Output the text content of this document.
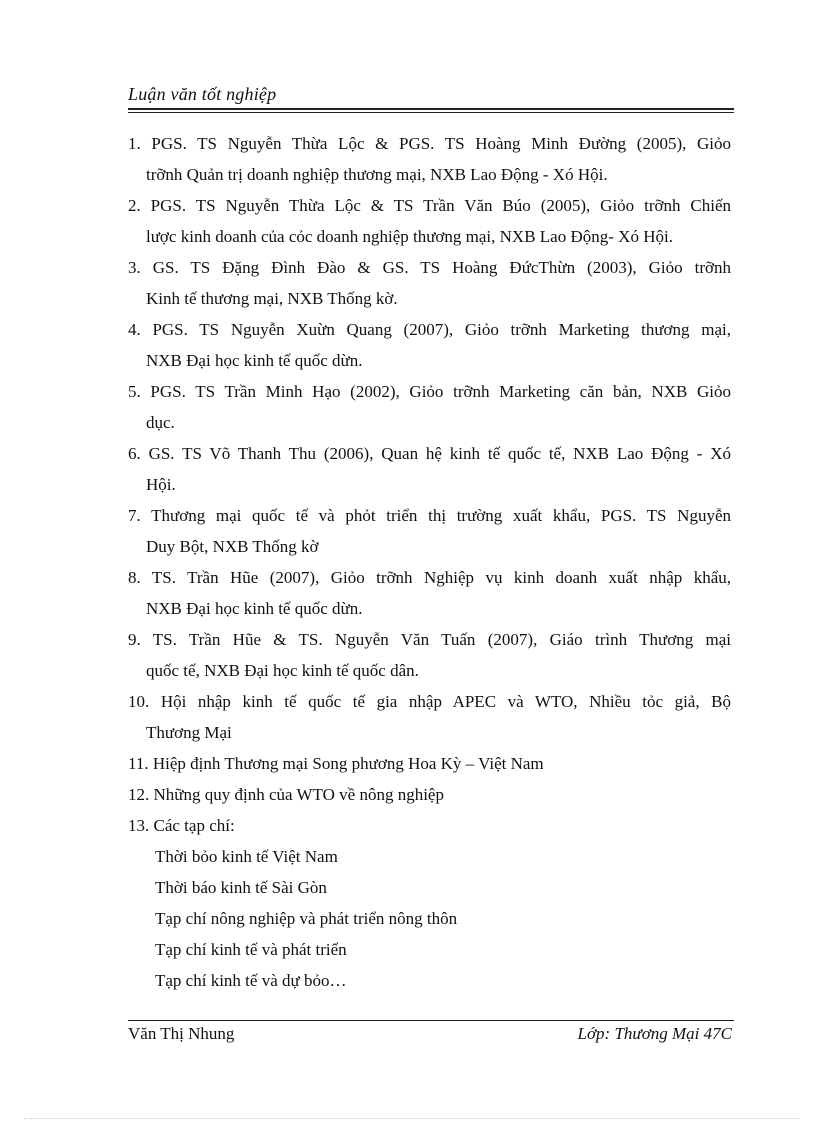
Luận văn tốt nghiệp
1. PGS. TS Nguyễn Thừa Lộc & PGS. TS Hoàng Minh Đường (2005), Giỏo
trỡnh Quản trị doanh nghiệp thương mại, NXB Lao Động - Xó Hội.
2. PGS. TS Nguyễn Thừa Lộc & TS Trần Văn Búo (2005), Giỏo trỡnh Chiến
lược kinh doanh của cỏc doanh nghiệp thương mại, NXB Lao Động- Xó Hội.
3. GS. TS Đặng Đình Đào & GS. TS Hoàng ĐứcThừn (2003), Giỏo trỡnh
Kinh tế thương mại, NXB Thống kờ.
4. PGS. TS Nguyễn Xuừn Quang (2007), Giỏo trỡnh Marketing thương mại,
NXB Đại học kinh tế quốc dừn.
5. PGS. TS Trần Minh Hạo (2002), Giỏo trỡnh Marketing căn bản, NXB Giỏo
dục.
6. GS. TS Võ Thanh Thu (2006), Quan hệ kinh tế quốc tế, NXB Lao Động - Xó
Hội.
7. Thương mại quốc tế và phỏt triển thị trường xuất khẩu, PGS. TS Nguyễn
Duy Bột, NXB Thống kờ
8. TS. Trần Hũe (2007), Giỏo trỡnh Nghiệp vụ kinh doanh xuất nhập khẩu,
NXB Đại học kinh tế quốc dừn.
9. TS. Trần Hũe & TS. Nguyễn Văn Tuấn (2007), Giáo trình Thương mại
quốc tế, NXB Đại học kinh tế quốc dân.
10. Hội nhập kinh tế quốc tế gia nhập APEC và WTO, Nhiều tỏc giả, Bộ
Thương Mại
11. Hiệp định Thương mại Song phương Hoa Kỳ – Việt Nam
12. Những quy định của WTO về nông nghiệp
13. Các tạp chí:
Thời bỏo kinh tế Việt Nam
Thời báo kinh tế Sài Gòn
Tạp chí nông nghiệp và phát triển nông thôn
Tạp chí kinh tế và phát triển
Tạp chí kinh tế và dự bỏo…
Văn Thị Nhung	Lớp: Thương Mại 47C
